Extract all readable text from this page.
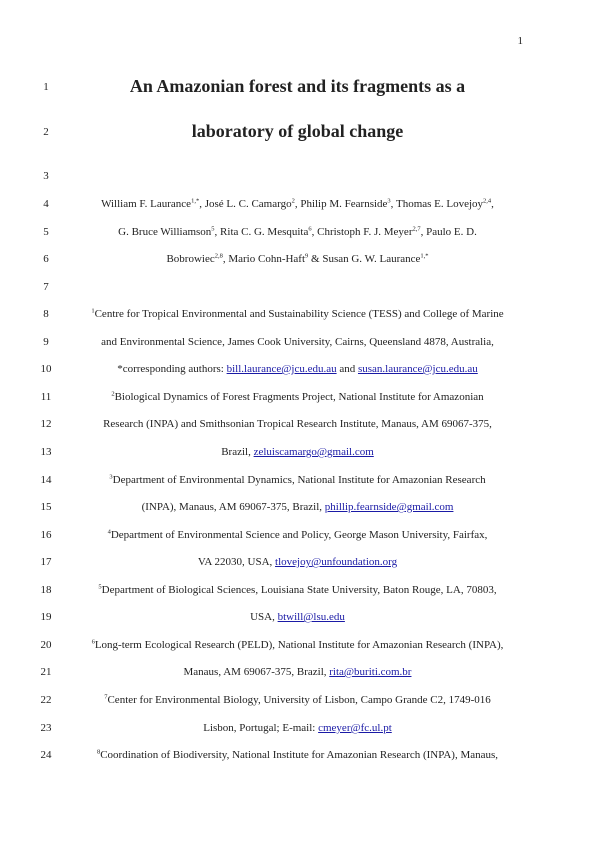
1
1	An Amazonian forest and its fragments as a
2	laboratory of global change
3
4	William F. Laurance$^{1,*}$, José L. C. Camargo$^2$, Philip M. Fearnside$^3$, Thomas E. Lovejoy$^{2,4}$,
5	G. Bruce Williamson$^5$, Rita C. G. Mesquita$^6$, Christoph F. J. Meyer$^{2,7}$, Paulo E. D.
6	Bobrowiec$^{2,8}$, Mario Cohn-Haft$^9$ & Susan G. W. Laurance$^{1,*}$
7
8	$^1$Centre for Tropical Environmental and Sustainability Science (TESS) and College of Marine
9	and Environmental Science, James Cook University, Cairns, Queensland 4878, Australia,
10	*corresponding authors: bill.laurance@jcu.edu.au and susan.laurance@jcu.edu.au
11	$^2$Biological Dynamics of Forest Fragments Project, National Institute for Amazonian
12	Research (INPA) and Smithsonian Tropical Research Institute, Manaus, AM 69067-375,
13	Brazil, zeluiscamargo@gmail.com
14	$^3$Department of Environmental Dynamics, National Institute for Amazonian Research
15	(INPA), Manaus, AM 69067-375, Brazil, phillip.fearnside@gmail.com
16	$^4$Department of Environmental Science and Policy, George Mason University, Fairfax,
17	VA 22030, USA, tlovejoy@unfoundation.org
18	$^5$Department of Biological Sciences, Louisiana State University, Baton Rouge, LA, 70803,
19	USA, btwill@lsu.edu
20	$^6$Long-term Ecological Research (PELD), National Institute for Amazonian Research (INPA),
21	Manaus, AM 69067-375, Brazil, rita@buriti.com.br
22	$^7$Center for Environmental Biology, University of Lisbon, Campo Grande C2, 1749-016
23	Lisbon, Portugal; E-mail: cmeyer@fc.ul.pt
24	$^8$Coordination of Biodiversity, National Institute for Amazonian Research (INPA), Manaus,
